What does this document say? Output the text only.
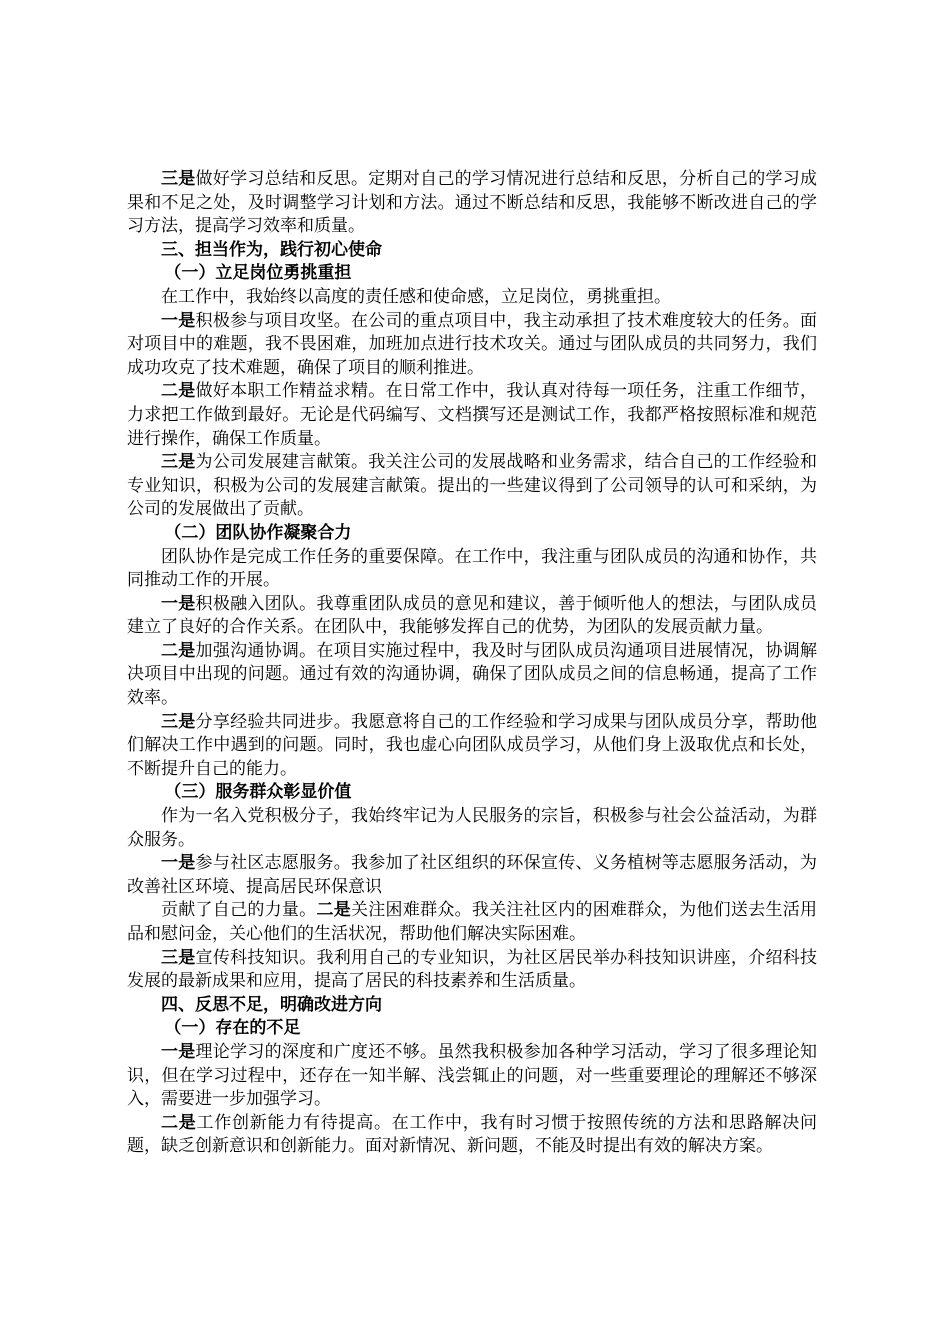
三是做好学习总结和反思。定期对自己的学习情况进行总结和反思，分析自己的学习成果和不足之处，及时调整学习计划和方法。通过不断总结和反思，我能够不断改进自己的学习方法，提高学习效率和质量。

三、担当作为，践行初心使命

（一）立足岗位勇挑重担

在工作中，我始终以高度的责任感和使命感，立足岗位，勇挑重担。

一是积极参与项目攻坚。在公司的重点项目中，我主动承担了技术难度较大的任务。面对项目中的难题，我不畏困难，加班加点进行技术攻关。通过与团队成员的共同努力，我们成功攻克了技术难题，确保了项目的顺利推进。

二是做好本职工作精益求精。在日常工作中，我认真对待每一项任务，注重工作细节，力求把工作做到最好。无论是代码编写、文档撰写还是测试工作，我都严格按照标准和规范进行操作，确保工作质量。

三是为公司发展建言献策。我关注公司的发展战略和业务需求，结合自己的工作经验和专业知识，积极为公司的发展建言献策。提出的一些建议得到了公司领导的认可和采纳，为公司的发展做出了贡献。

（二）团队协作凝聚合力

团队协作是完成工作任务的重要保障。在工作中，我注重与团队成员的沟通和协作，共同推动工作的开展。

一是积极融入团队。我尊重团队成员的意见和建议，善于倾听他人的想法，与团队成员建立了良好的合作关系。在团队中，我能够发挥自己的优势，为团队的发展贡献力量。

二是加强沟通协调。在项目实施过程中，我及时与团队成员沟通项目进展情况，协调解决项目中出现的问题。通过有效的沟通协调，确保了团队成员之间的信息畅通，提高了工作效率。

三是分享经验共同进步。我愿意将自己的工作经验和学习成果与团队成员分享，帮助他们解决工作中遇到的问题。同时，我也虚心向团队成员学习，从他们身上汲取优点和长处，不断提升自己的能力。

（三）服务群众彰显价值

作为一名入党积极分子，我始终牢记为人民服务的宗旨，积极参与社会公益活动，为群众服务。

一是参与社区志愿服务。我参加了社区组织的环保宣传、义务植树等志愿服务活动，为改善社区环境、提高居民环保意识

贡献了自己的力量。二是关注困难群众。我关注社区内的困难群众，为他们送去生活用品和慰问金，关心他们的生活状况，帮助他们解决实际困难。

三是宣传科技知识。我利用自己的专业知识，为社区居民举办科技知识讲座，介绍科技发展的最新成果和应用，提高了居民的科技素养和生活质量。

四、反思不足，明确改进方向

（一）存在的不足

一是理论学习的深度和广度还不够。虽然我积极参加各种学习活动，学习了很多理论知识，但在学习过程中，还存在一知半解、浅尝辄止的问题，对一些重要理论的理解还不够深入，需要进一步加强学习。

二是工作创新能力有待提高。在工作中，我有时习惯于按照传统的方法和思路解决问题，缺乏创新意识和创新能力。面对新情况、新问题，不能及时提出有效的解决方案。
